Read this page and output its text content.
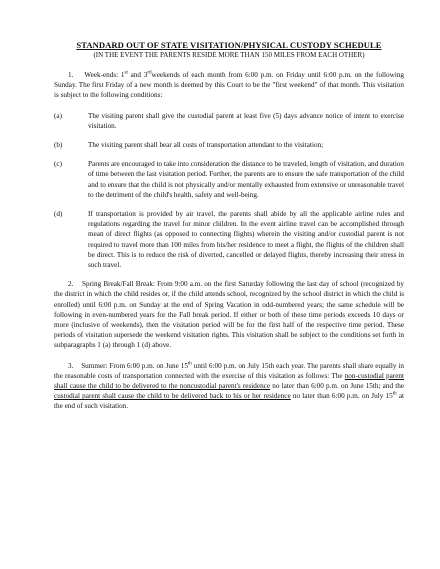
STANDARD OUT OF STATE VISITATION/PHYSICAL CUSTODY SCHEDULE
(IN THE EVENT THE PARENTS RESIDE MORE THAN 150 MILES FROM EACH OTHER)

1. Week-ends: 1st and 3rdweekends of each month from 6:00 p.m. on Friday until 6:00 p.m. on the following Sunday. The first Friday of a new month is deemed by this Court to be the "first weekend" of that month. This visitation is subject to the following conditions:

(a)	The visiting parent shall give the custodial parent at least five (5) days advance notice of intent to exercise visitation.

(b)	The visiting parent shall bear all costs of transportation attendant to the visitation;

(c)	Parents are encouraged to take into consideration the distance to be traveled, length of visitation, and duration of time between the last visitation period. Further, the parents are to ensure the safe transportation of the child and to ensure that the child is not physically and/or mentally exhausted from extensive or unreasonable travel to the detriment of the child's health, safety and well-being.

(d)	If transportation is provided by air travel, the parents shall abide by all the applicable airline rules and regulations regarding the travel for minor children. In the event airline travel can be accomplished through mean of direct flights (as opposed to connecting flights) wherein the visiting and/or custodial parent is not required to travel more than 100 miles from his/her residence to meet a flight, the flights of the children shall be direct. This is to reduce the risk of diverted, cancelled or delayed flights, thereby increasing their stress in such travel.

2. Spring Break/Fall Break: From 9:00 a.m. on the first Saturday following the last day of school (recognized by the district in which the child resides or, if the child attends school, recognized by the school district in which the child is enrolled) until 6:00 p.m. on Sunday at the end of Spring Vacation in odd-numbered years; the same schedule will be following in even-numbered years for the Fall break period. If either or both of these time periods exceeds 10 days or more (inclusive of weekends), then the visitation period will be for the first half of the respective time period. These periods of visitation supersede the weekend visitation rights. This visitation shall be subject to the conditions set forth in subparagraphs 1 (a) through 1 (d) above.

3. Summer: From 6:00 p.m. on June 15th until 6:00 p.m. on July 15th each year. The parents shall share equally in the reasonable costs of transportation connected with the exercise of this visitation as follows: The non-custodial parent shall cause the child to be delivered to the noncustodial parent's residence no later than 6:00 p.m. on June 15th; and the custodial parent shall cause the child to be delivered back to his or her residence no later than 6:00 p.m. on July 15th at the end of such visitation.
